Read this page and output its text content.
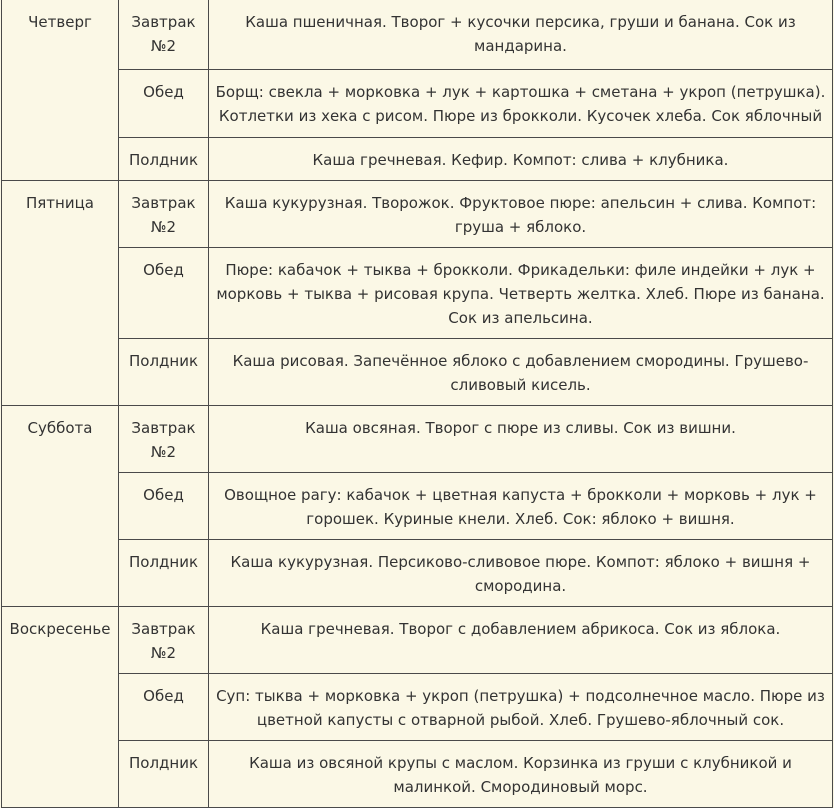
Четверг	Завтрак №2	Каша пшеничная. Творог + кусочки персика, груши и банана. Сок из мандарина.
	Обед	Борщ: свекла + морковка + лук + картошка + сметана + укроп (петрушка). Котлетки из хека с рисом. Пюре из брокколи. Кусочек хлеба. Сок яблочный
	Полдник	Каша гречневая. Кефир. Компот: слива + клубника.
Пятница	Завтрак №2	Каша кукурузная. Творожок. Фруктовое пюре: апельсин + слива. Компот: груша + яблоко.
	Обед	Пюре: кабачок + тыква + брокколи. Фрикадельки: филе индейки + лук + морковь + тыква + рисовая крупа. Четверть желтка. Хлеб. Пюре из банана. Сок из апельсина.
	Полдник	Каша рисовая. Запечённое яблоко с добавлением смородины. Грушево-сливовый кисель.
Суббота	Завтрак №2	Каша овсяная. Творог с пюре из сливы. Сок из вишни.
	Обед	Овощное рагу: кабачок + цветная капуста + брокколи + морковь + лук + горошек. Куриные кнели. Хлеб. Сок: яблоко + вишня.
	Полдник	Каша кукурузная. Персиково-сливовое пюре. Компот: яблоко + вишня + смородина.
Воскресенье	Завтрак №2	Каша гречневая. Творог с добавлением абрикоса. Сок из яблока.
	Обед	Суп: тыква + морковка + укроп (петрушка) + подсолнечное масло. Пюре из цветной капусты с отварной рыбой. Хлеб. Грушево-яблочный сок.
	Полдник	Каша из овсяной крупы с маслом. Корзинка из груши с клубникой и малинкой. Смородиновый морс.
